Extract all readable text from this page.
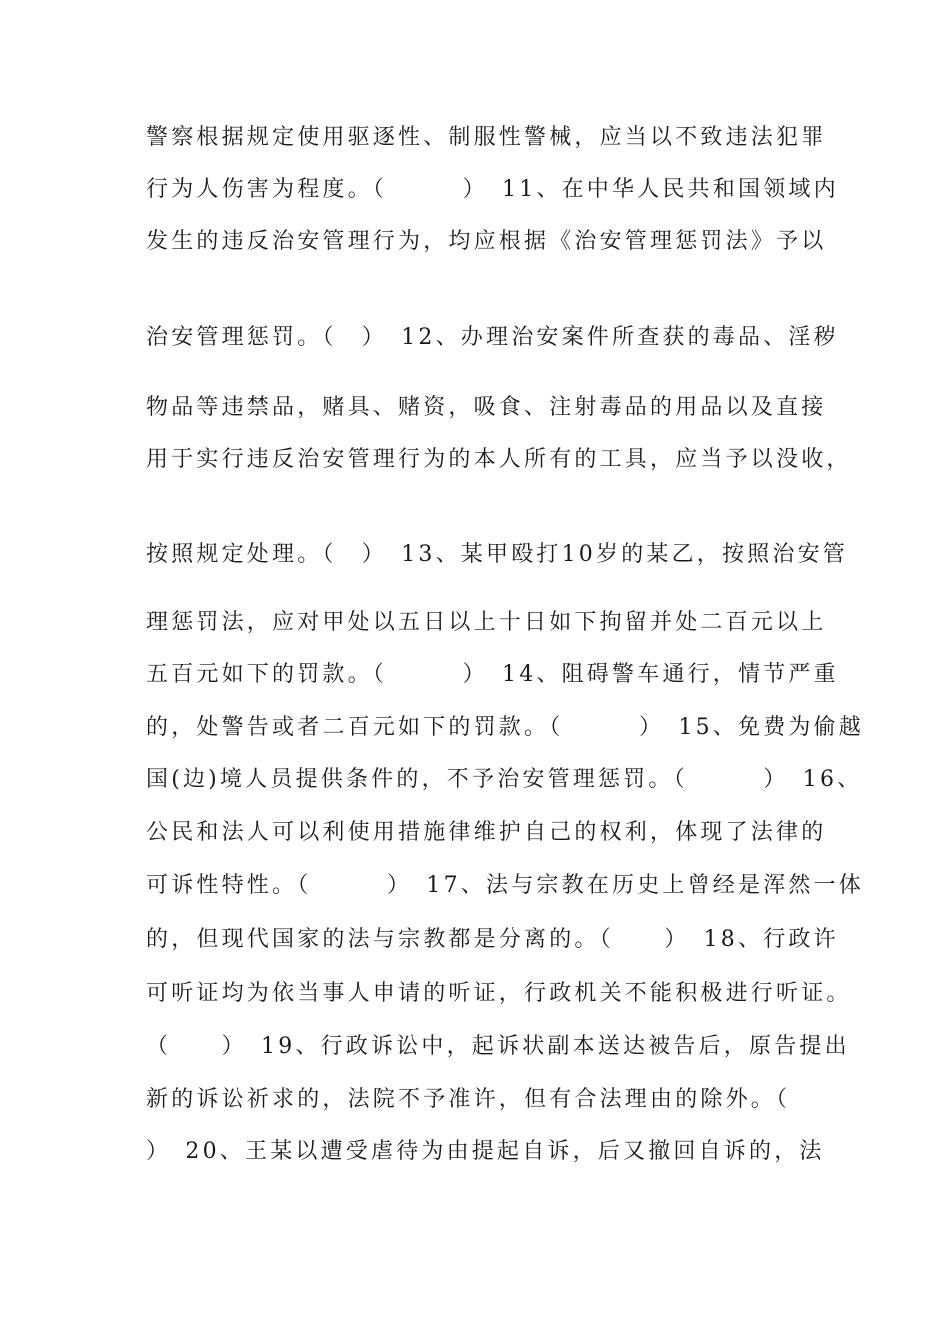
警察根据规定使用驱逐性、制服性警械，应当以不致违法犯罪
行为人伤害为程度。（　　　）　11、在中华人民共和国领域内
发生的违反治安管理行为，均应根据《治安管理惩罚法》予以
治安管理惩罚。（　）　12、办理治安案件所查获的毒品、淫秽
物品等违禁品，赌具、赌资，吸食、注射毒品的用品以及直接
用于实行违反治安管理行为的本人所有的工具，应当予以没收，
按照规定处理。（　）　13、某甲殴打10岁的某乙，按照治安管
理惩罚法，应对甲处以五日以上十日如下拘留并处二百元以上
五百元如下的罚款。（　　　）　14、阻碍警车通行，情节严重
的，处警告或者二百元如下的罚款。（　　　）　15、免费为偷越
国(边)境人员提供条件的，不予治安管理惩罚。（　　　）　16、
公民和法人可以利使用措施律维护自己的权利，体现了法律的
可诉性特性。（　　　）　17、法与宗教在历史上曾经是浑然一体
的，但现代国家的法与宗教都是分离的。（　　）　18、行政许
可听证均为依当事人申请的听证，行政机关不能积极进行听证。
（　　）　19、行政诉讼中，起诉状副本送达被告后，原告提出
新的诉讼祈求的，法院不予准许，但有合法理由的除外。（
）　20、王某以遭受虐待为由提起自诉，后又撤回自诉的，法
